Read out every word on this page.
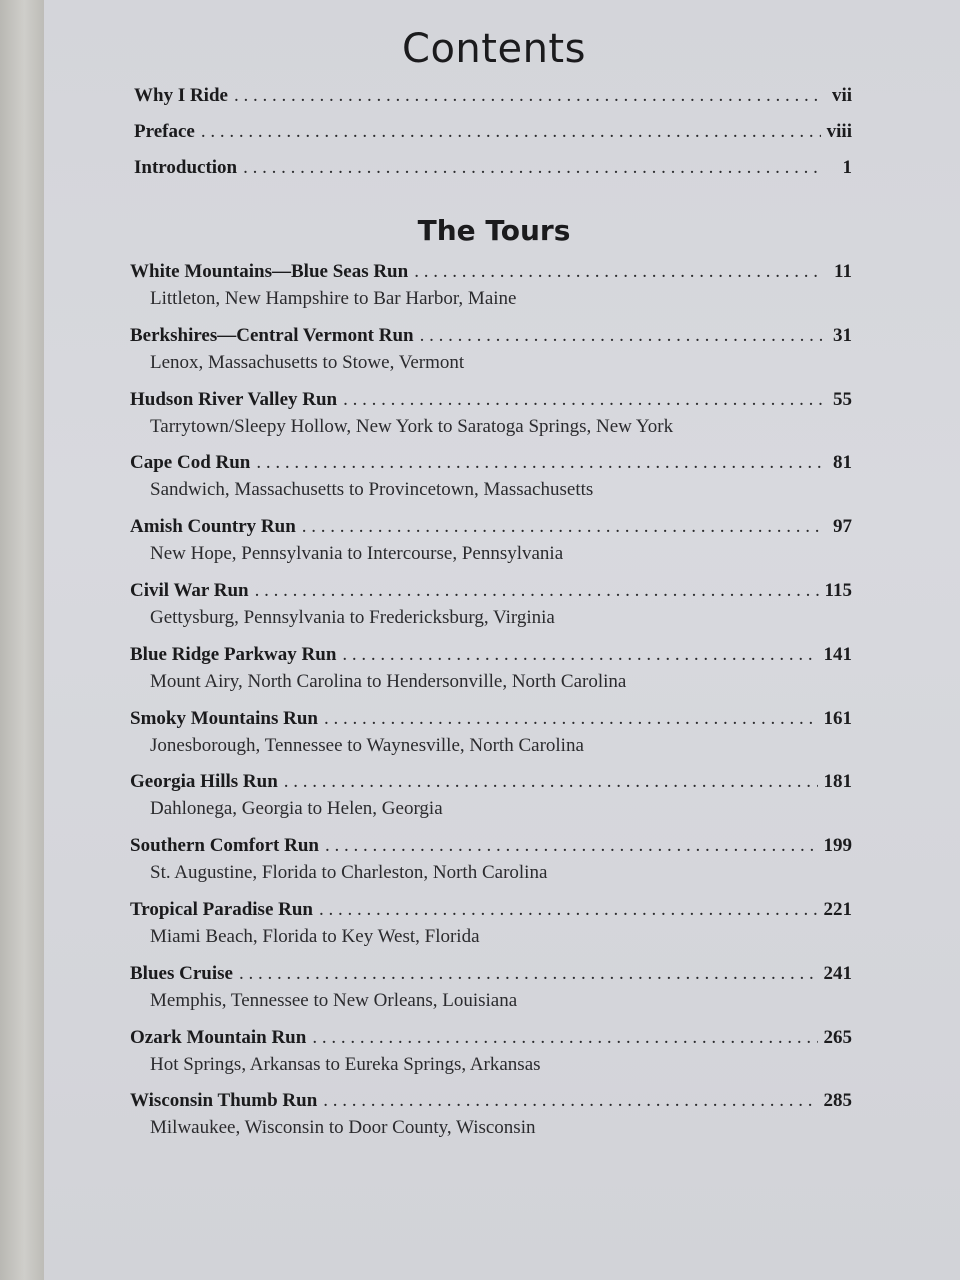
Contents
Why I Ride . . .	vii
Preface . . .	viii
Introduction . . .	1
The Tours
White Mountains—Blue Seas Run . . .	11
Littleton, New Hampshire to Bar Harbor, Maine
Berkshires—Central Vermont Run . . .	31
Lenox, Massachusetts to Stowe, Vermont
Hudson River Valley Run . . .	55
Tarrytown/Sleepy Hollow, New York to Saratoga Springs, New York
Cape Cod Run . . .	81
Sandwich, Massachusetts to Provincetown, Massachusetts
Amish Country Run . . .	97
New Hope, Pennsylvania to Intercourse, Pennsylvania
Civil War Run . . .	115
Gettysburg, Pennsylvania to Fredericksburg, Virginia
Blue Ridge Parkway Run . . .	141
Mount Airy, North Carolina to Hendersonville, North Carolina
Smoky Mountains Run . . .	161
Jonesborough, Tennessee to Waynesville, North Carolina
Georgia Hills Run . . .	181
Dahlonega, Georgia to Helen, Georgia
Southern Comfort Run . . .	199
St. Augustine, Florida to Charleston, North Carolina
Tropical Paradise Run . . .	221
Miami Beach, Florida to Key West, Florida
Blues Cruise . . .	241
Memphis, Tennessee to New Orleans, Louisiana
Ozark Mountain Run . . .	265
Hot Springs, Arkansas to Eureka Springs, Arkansas
Wisconsin Thumb Run . . .	285
Milwaukee, Wisconsin to Door County, Wisconsin
